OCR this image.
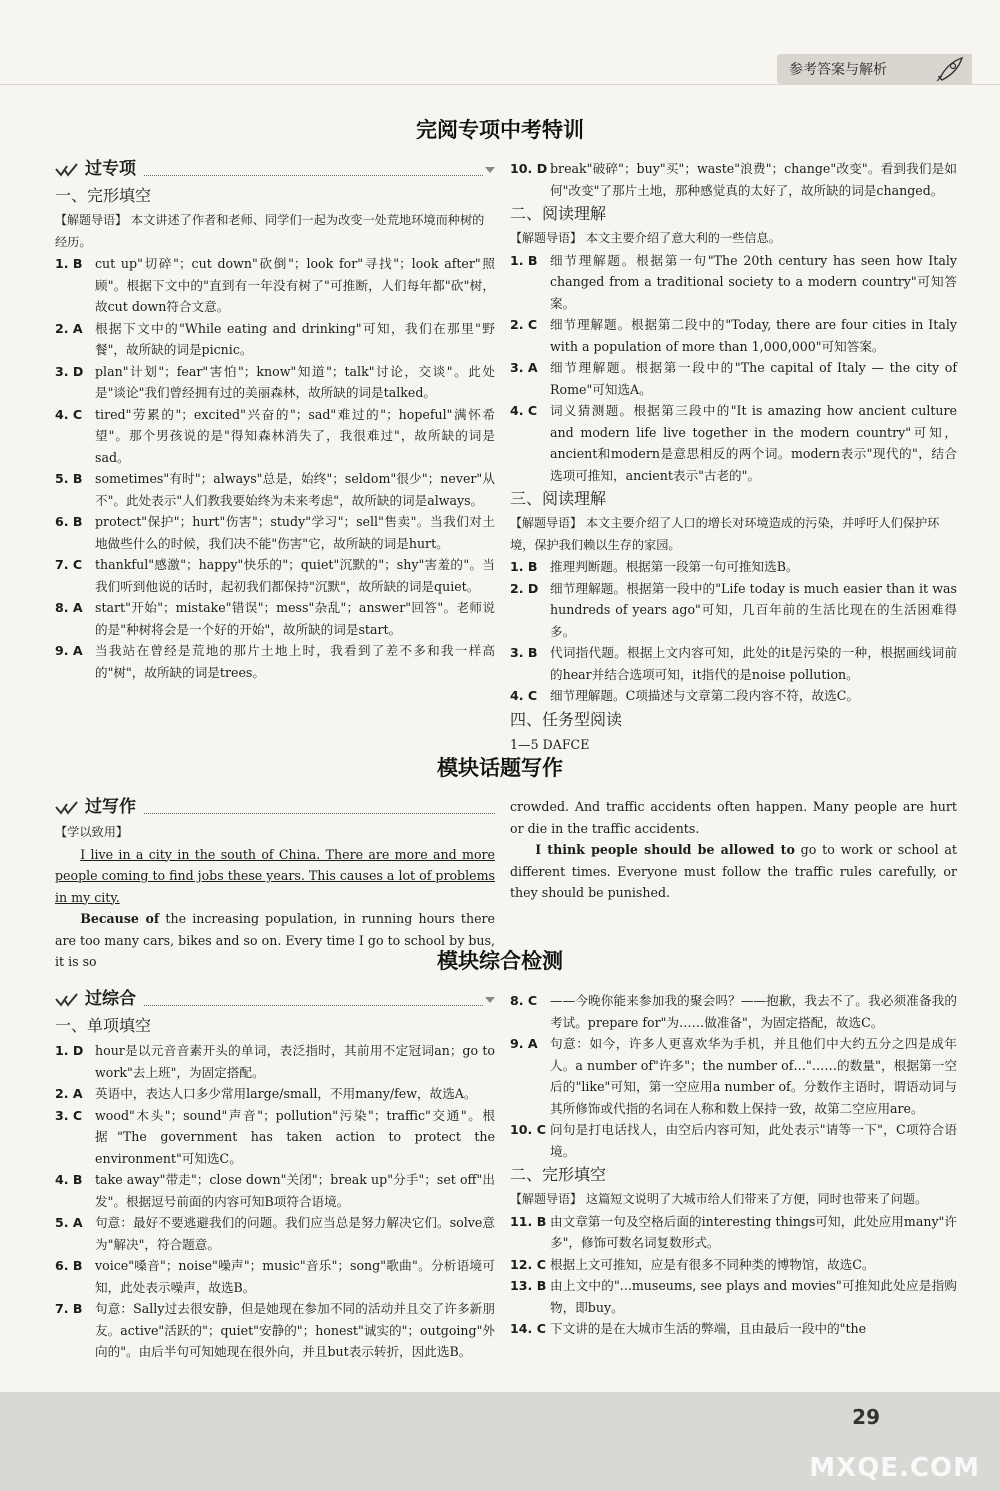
参考答案与解析
完阅专项中考特训
过专项
一、完形填空
【解题导语】 本文讲述了作者和老师、同学们一起为改变一处荒地环境而种树的经历。
1. B cut up"切碎"；cut down"砍倒"；look for"寻找"；look after"照顾"。根据下文中的"直到有一年没有树了"可推断，人们每年都"砍"树，故cut down符合文意。
2. A 根据下文中的"While eating and drinking"可知，我们在那里"野餐"，故所缺的词是picnic。
3. D plan"计划"；fear"害怕"；know"知道"；talk"讨论，交谈"。此处是"谈论"我们曾经拥有过的美丽森林，故所缺的词是talked。
4. C	tired"劳累的"；excited"兴奋的"；sad"难过的"；hopeful"满怀希望"。那个男孩说的是"得知森林消失了，我很难过"，故所缺的词是sad。
5. B sometimes"有时"；always"总是，始终"；seldom"很少"；never"从不"。此处表示"人们教我要始终为未来考虑"，故所缺的词是always。
6. B protect"保护"；hurt"伤害"；study"学习"；sell"售卖"。当我们对土地做些什么的时候，我们决不能"伤害"它，故所缺的词是hurt。
7. C	thankful"感激"；happy"快乐的"；quiet"沉默的"；shy"害羞的"。当我们听到他说的话时，起初我们都保持"沉默"，故所缺的词是quiet。
8. A start"开始"；mistake"错误"；mess"杂乱"；answer"回答"。老师说的是"种树将会是一个好的开始"，故所缺的词是start。
9. A 当我站在曾经是荒地的那片土地上时，我看到了差不多和我一样高的"树"，故所缺的词是trees。
10. D break"破碎"；buy"买"；waste"浪费"；change"改变"。看到我们是如何"改变"了那片土地，那种感觉真的太好了，故所缺的词是changed。
二、阅读理解
【解题导语】 本文主要介绍了意大利的一些信息。
1. B 细节理解题。根据第一句"The 20th century has seen how Italy changed from a traditional society to a modern country"可知答案。
2. C	细节理解题。根据第二段中的"Today, there are four cities in Italy with a population of more than 1,000,000"可知答案。
3. A 细节理解题。根据第一段中的"The capital of Italy — the city of Rome"可知选A。
4. C	词义猜测题。根据第三段中的"It is amazing how ancient culture and modern life live together in the modern country"可知，ancient和modern是意思相反的两个词。modern表示"现代的"，结合选项可推知，ancient表示"古老的"。
三、阅读理解
【解题导语】 本文主要介绍了人口的增长对环境造成的污染，并呼吁人们保护环境，保护我们赖以生存的家园。
1. B 推理判断题。根据第一段第一句可推知选B。
2. D 细节理解题。根据第一段中的"Life today is much easier than it was hundreds of years ago"可知，几百年前的生活比现在的生活困难得多。
3. B 代词指代题。根据上文内容可知，此处的it是污染的一种，根据画线词前的hear并结合选项可知，it指代的是noise pollution。
4. C	细节理解题。C项描述与文章第二段内容不符，故选C。
四、任务型阅读
1—5 DAFCE
模块话题写作
过写作
【学以致用】
I live in a city in the south of China. There are more and more people coming to find jobs these years. This causes a lot of problems in my city.
Because of the increasing population, in running hours there are too many cars, bikes and so on. Every time I go to school by bus, it is so
crowded. And traffic accidents often happen. Many people are hurt or die in the traffic accidents.
I think people should be allowed to go to work or school at different times. Everyone must follow the traffic rules carefully, or they should be punished.
模块综合检测
过综合
一、单项填空
1. D hour是以元音音素开头的单词，表泛指时，其前用不定冠词an；go to work"去上班"，为固定搭配。
2. A 英语中，表达人口多少常用large/small，不用many/few，故选A。
3. C	wood"木头"；sound"声音"；pollution"污染"；traffic"交通"。根据"The government has taken action to protect the environment"可知选C。
4. B take away"带走"；close down"关闭"；break up"分手"；set off"出发"。根据逗号前面的内容可知B项符合语境。
5. A 句意：最好不要逃避我们的问题。我们应当总是努力解决它们。solve意为"解决"，符合题意。
6. B voice"嗓音"；noise"噪声"；music"音乐"；song"歌曲"。分析语境可知，此处表示噪声，故选B。
7. B 句意：Sally过去很安静，但是她现在参加不同的活动并且交了许多新朋友。active"活跃的"；quiet"安静的"；honest"诚实的"；outgoing"外向的"。由后半句可知她现在很外向，并且but表示转折，因此选B。
8. C	——今晚你能来参加我的聚会吗？——抱歉，我去不了。我必须准备我的考试。prepare for"为……做准备"，为固定搭配，故选C。
9. A 句意：如今，许多人更喜欢华为手机，并且他们中大约五分之四是成年人。a number of"许多"；the number of…"……的数量"，根据第一空后的"like"可知，第一空应用a number of。分数作主语时，谓语动词与其所修饰或代指的名词在人称和数上保持一致，故第二空应用are。
10. C 问句是打电话找人，由空后内容可知，此处表示"请等一下"，C项符合语境。
二、完形填空
【解题导语】 这篇短文说明了大城市给人们带来了方便，同时也带来了问题。
11. B 由文章第一句及空格后面的interesting things可知，此处应用many"许多"，修饰可数名词复数形式。
12. C 根据上文可推知，应是有很多不同种类的博物馆，故选C。
13. B 由上文中的"...museums, see plays and movies"可推知此处应是指购物，即buy。
14. C 下文讲的是在大城市生活的弊端，且由最后一段中的"the
29
MXQE.COM
